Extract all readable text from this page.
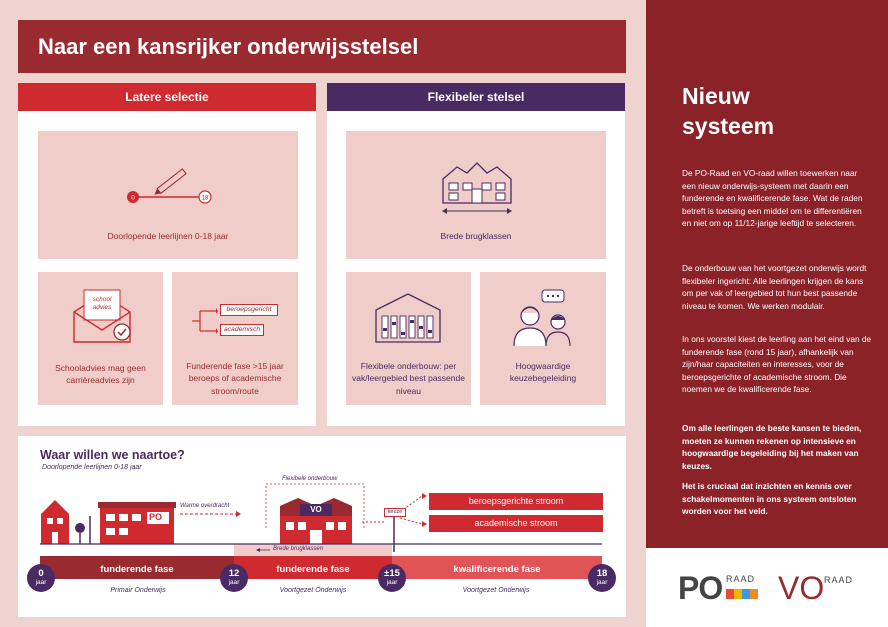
Naar een kansrijker onderwijsstelsel
Latere selectie
0	18
Doorlopende leerlijnen 0-18 jaar
school advies
Schooladvies mag geen carrièreadvies zijn
beroepsgericht
academisch
Funderende fase >15 jaar beroeps of academische stroom/route
Flexibeler stelsel
Brede brugklassen
Flexibele onderbouw: per vak/leergebied best passende niveau
Hoogwaardige keuzebegeleiding
Nieuw
systeem
De PO-Raad en VO-raad willen toewerken naar een nieuw onderwijs-systeem met daarin een funderende en kwalificerende fase. Wat de raden betreft is toetsing een middel om te differentiëren en niet om op 11/12-jarige leeftijd te selecteren.
De onderbouw van het voortgezet onderwijs wordt flexibeler ingericht: Alle leerlingen krijgen de kans om per vak of leergebied tot hun best passende niveau te komen. We werken modulair.
In ons voorstel kiest de leerling aan het eind van de funderende fase (rond 15 jaar), afhankelijk van zijn/haar capaciteiten en interesses, voor de beroepsgerichte of academische stroom. Die noemen we de kwalificerende fase.
Om alle leerlingen de beste kansen te bieden, moeten ze kunnen rekenen op intensieve en hoogwaardige begeleiding bij het maken van keuzes.
Het is cruciaal dat inzichten en kennis over schakelmomenten in ons systeem ontsloten worden voor het veld.
PO RAAD VO RAAD
Waar willen we naartoe?
Doorlopende leerlijnen 0-18 jaar
Flexibele onderbouw
PO
Warme overdracht	VO	keuze
Brede brugklassen
beroepsgerichte stroom
academische stroom
funderende fase	funderende fase	kwalificerende fase
0
jaar
12
jaar
±15
jaar
18
jaar
Primair Onderwijs	Voortgezet Onderwijs	Voortgezet Onderwijs
